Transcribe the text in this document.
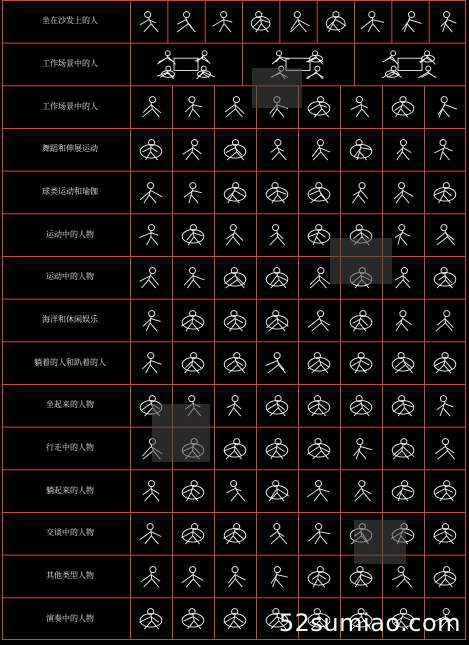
坐在沙发上的人
工作场景中的人
工作场景中的人
舞蹈和伸展运动
球类运动和瑜伽
运动中的人物
运动中的人物
海洋和休闲娱乐
躺着的人和趴着的人
坐起来的人物
行走中的人物
躺起来的人物
交谈中的人物
其他类型人物
演奏中的人物	52sumiao.com
